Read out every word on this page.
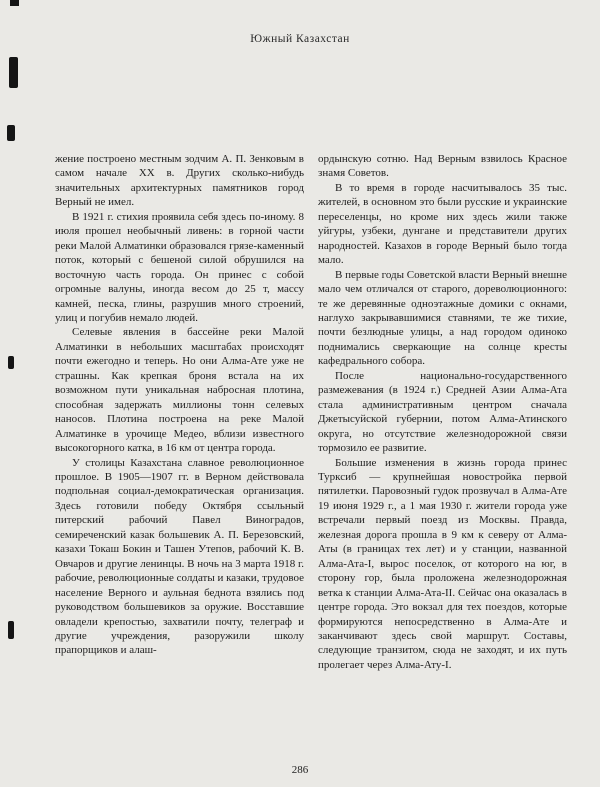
Южный Казахстан

жение построено местным зодчим А. П. Зенковым в самом начале XX в. Других сколько-нибудь значительных архитектурных памятников город Верный не имел.

В 1921 г. стихия проявила себя здесь по-иному. 8 июля прошел необычный ливень: в горной части реки Малой Алматинки образовался грязе-каменный поток, который с бешеной силой обрушился на восточную часть города. Он принес с собой огромные валуны, иногда весом до 25 т, массу камней, песка, глины, разрушив много строений, улиц и погубив немало людей.

Селевые явления в бассейне реки Малой Алматинки в небольших масштабах происходят почти ежегодно и теперь. Но они Алма-Ате уже не страшны. Как крепкая броня встала на их возможном пути уникальная набросная плотина, способная задержать миллионы тонн селевых наносов. Плотина построена на реке Малой Алматинке в урочище Медео, вблизи известного высокогорного катка, в 16 км от центра города.

У столицы Казахстана славное революционное прошлое. В 1905—1907 гг. в Верном действовала подпольная социал-демократическая организация. Здесь готовили победу Октября ссыльный питерский рабочий Павел Виноградов, семиреченский казак большевик А. П. Березовский, казахи Токаш Бокин и Ташен Утепов, рабочий К. В. Овчаров и другие ленинцы. В ночь на 3 марта 1918 г. рабочие, революционные солдаты и казаки, трудовое население Верного и аульная беднота взялись под руководством большевиков за оружие. Восставшие овладели крепостью, захватили почту, телеграф и другие учреждения, разоружили школу прапорщиков и алаш-

ордынскую сотню. Над Верным взвилось Красное знамя Советов.

В то время в городе насчитывалось 35 тыс. жителей, в основном это были русские и украинские переселенцы, но кроме них здесь жили также уйгуры, узбеки, дунгане и представители других народностей. Казахов в городе Верный было тогда мало.

В первые годы Советской власти Верный внешне мало чем отличался от старого, дореволюционного: те же деревянные одноэтажные домики с окнами, наглухо закрывавшимися ставнями, те же тихие, почти безлюдные улицы, а над городом одиноко поднимались сверкающие на солнце кресты кафедрального собора.

После национально-государственного размежевания (в 1924 г.) Средней Азии Алма-Ата стала административным центром сначала Джетысуйской губернии, потом Алма-Атинского округа, но отсутствие железнодорожной связи тормозило ее развитие.

Большие изменения в жизнь города принес Турксиб — крупнейшая новостройка первой пятилетки. Паровозный гудок прозвучал в Алма-Ате 19 июня 1929 г., а 1 мая 1930 г. жители города уже встречали первый поезд из Москвы. Правда, железная дорога прошла в 9 км к северу от Алма-Аты (в границах тех лет) и у станции, названной Алма-Ата-I, вырос поселок, от которого на юг, в сторону гор, была проложена железнодорожная ветка к станции Алма-Ата-II. Сейчас она оказалась в центре города. Это вокзал для тех поездов, которые формируются непосредственно в Алма-Ате и заканчивают здесь свой маршрут. Составы, следующие транзитом, сюда не заходят, и их путь пролегает через Алма-Ату-I.

286
